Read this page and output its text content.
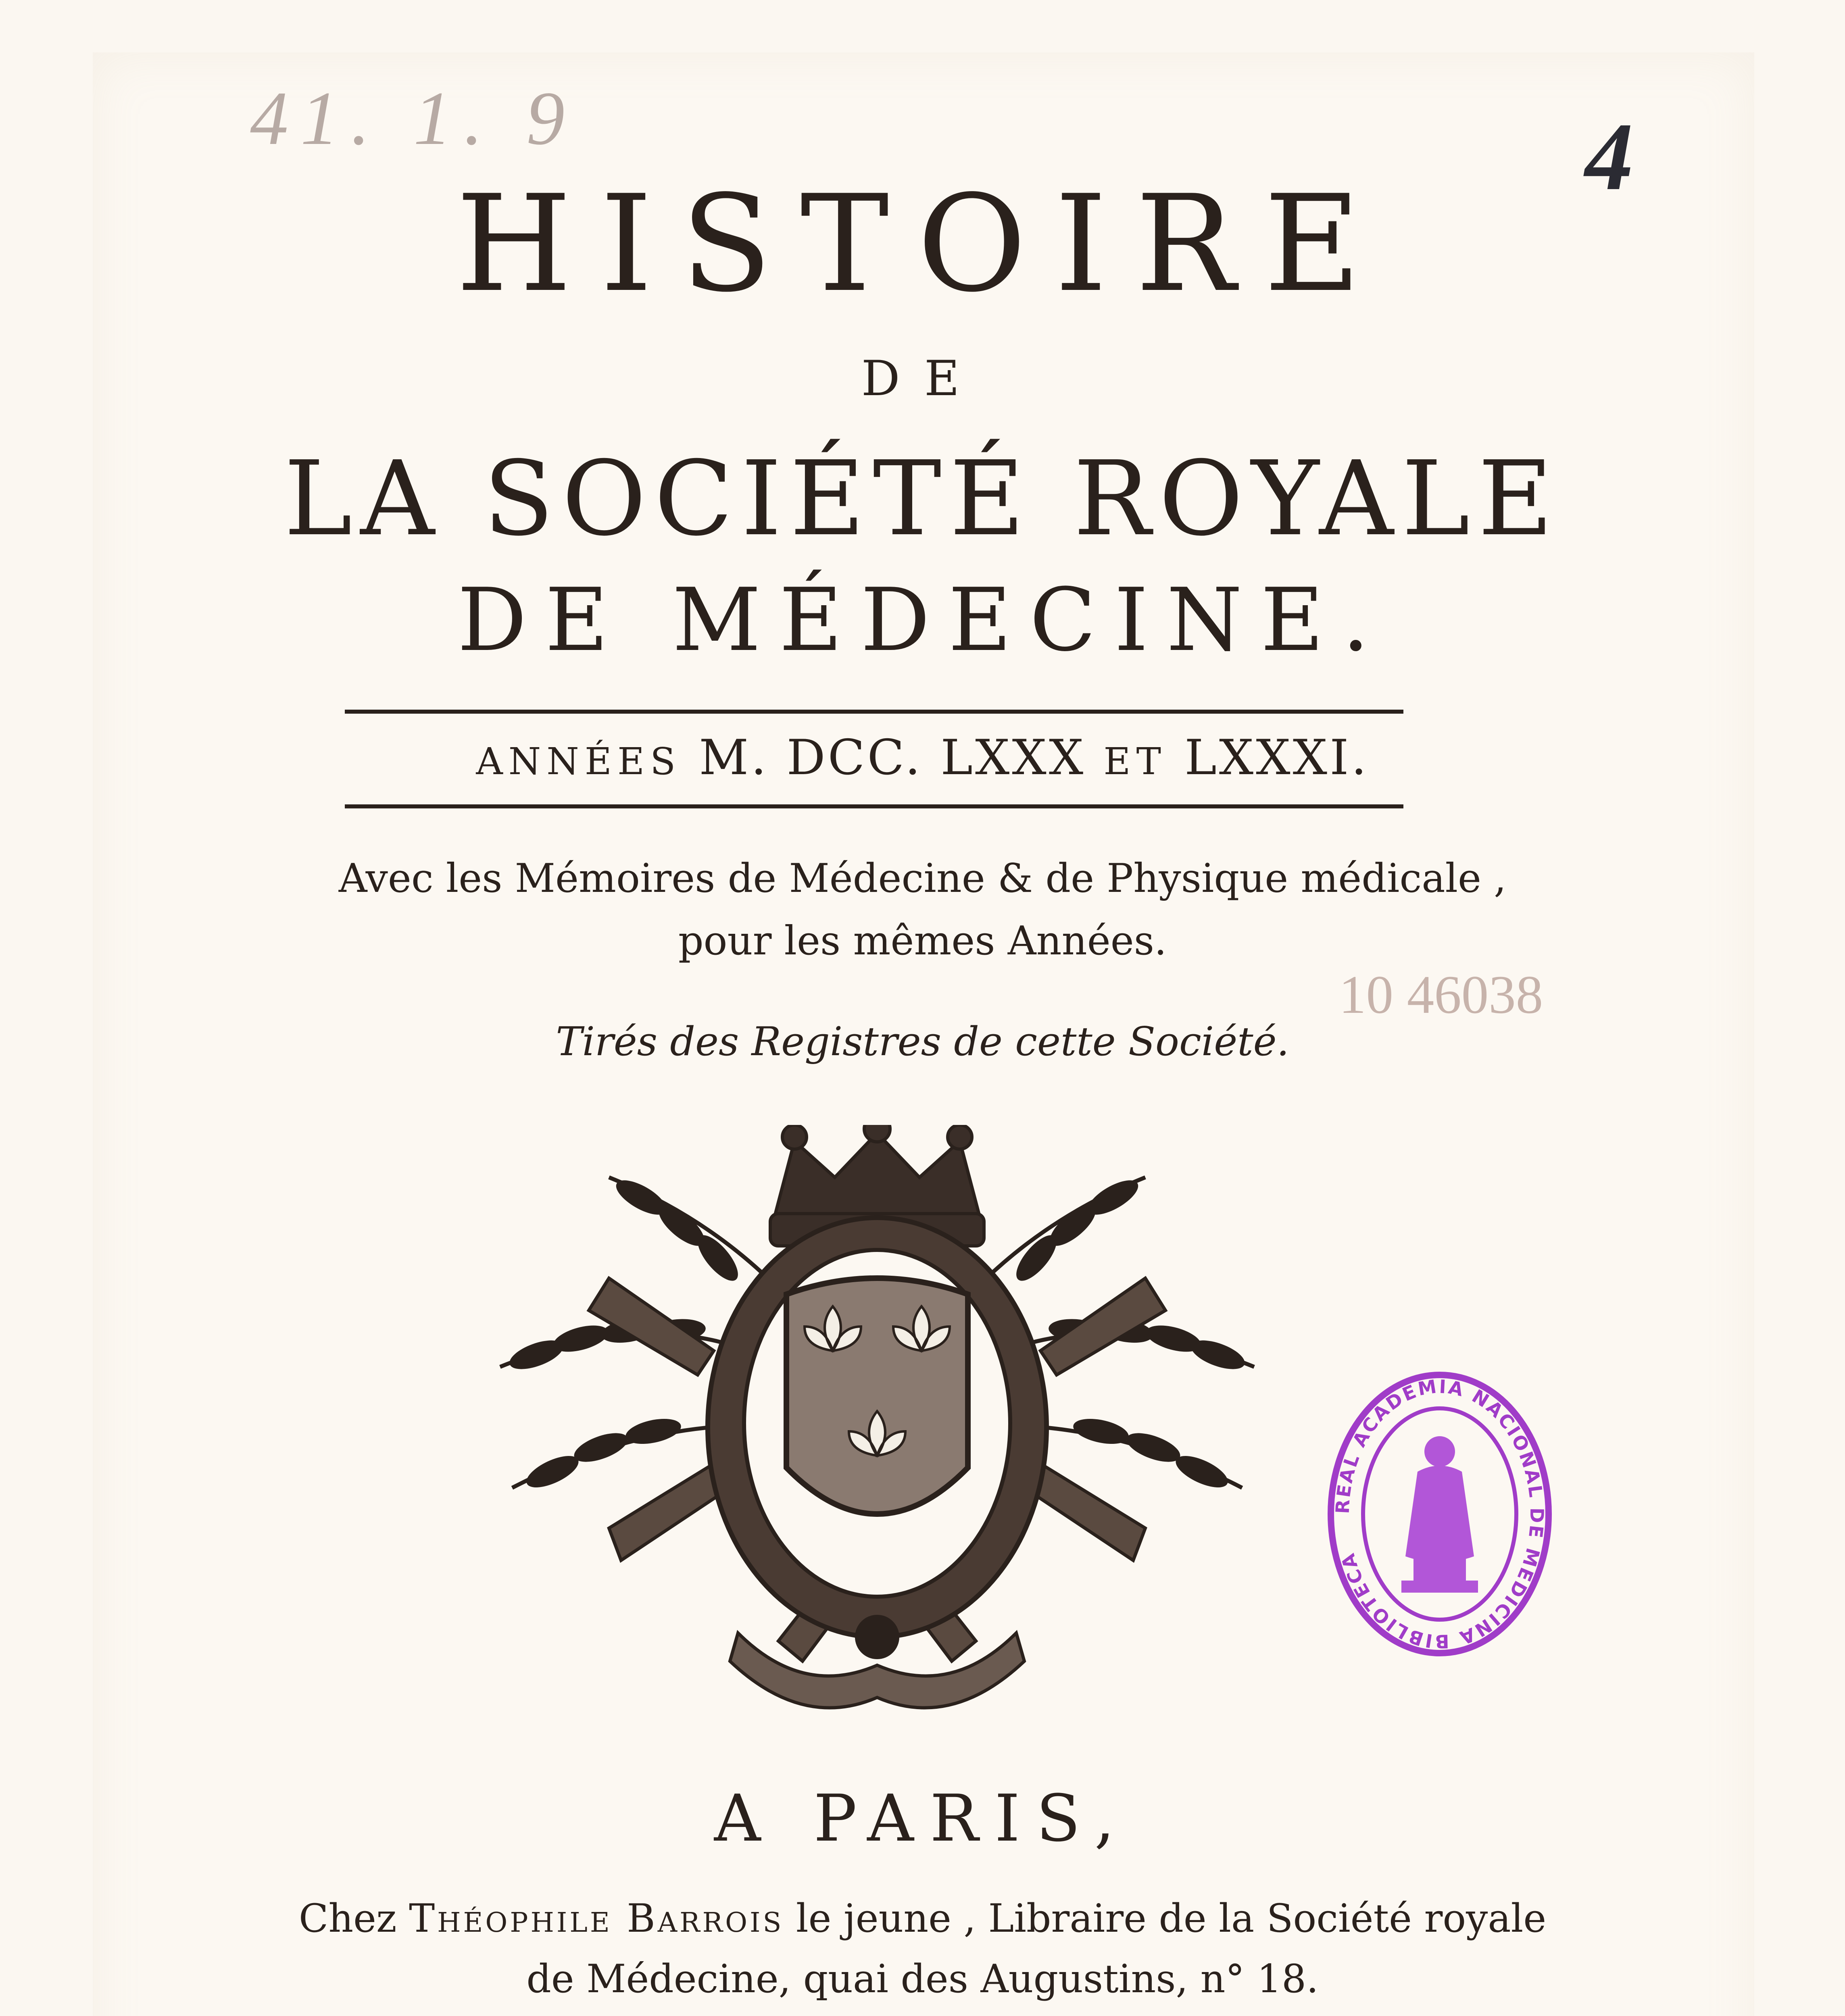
41. 1. 9	4
10 46038
HISTOIRE
DE
LA SOCIÉTÉ ROYALE
DE MÉDECINE.
ANNÉES M. DCC. LXXX ET LXXXI.
Avec les Mémoires de Médecine & de Physique médicale ,
pour les mêmes Années.
Tirés des Registres de cette Société.
REAL ACADEMIA NACIONAL DE MEDICINA BIBLIOTECA
A PARIS,
Chez Théophile Barrois le jeune , Libraire de la Société royale
de Médecine, quai des Augustins, n° 18.
